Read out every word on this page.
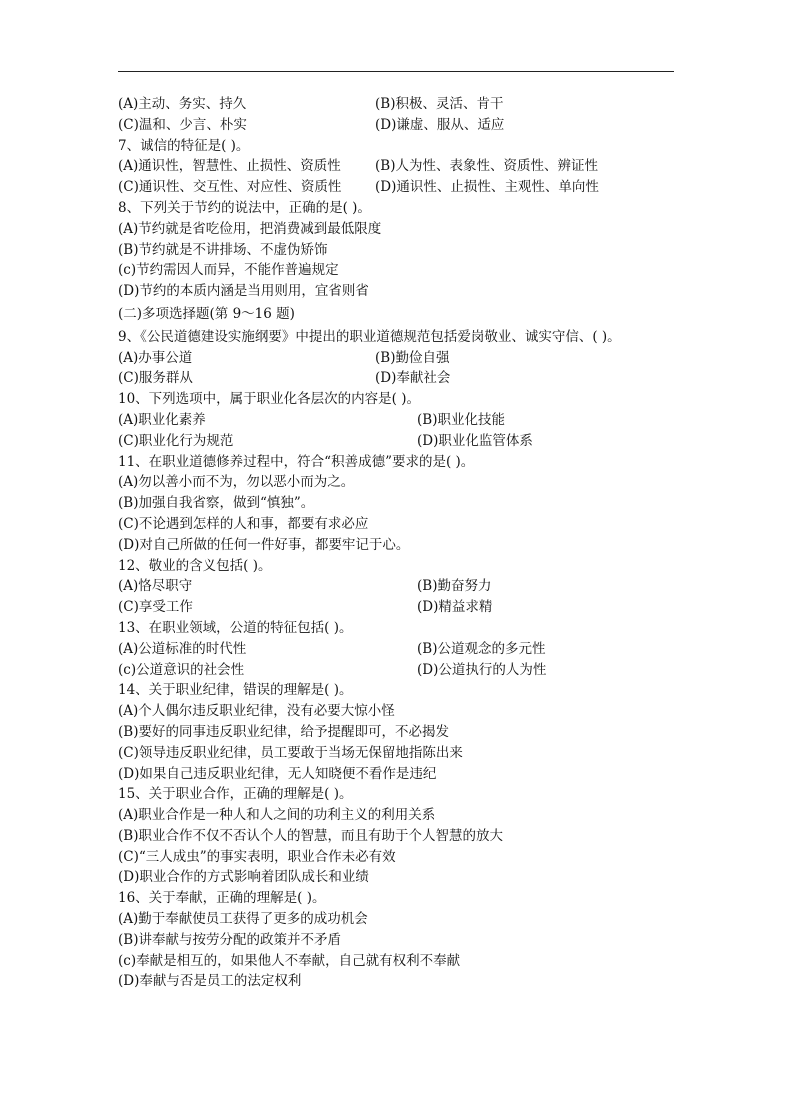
(A)主动、务实、持久	(B)积极、灵活、肯干
(C)温和、少言、朴实	(D)谦虚、服从、适应
7、诚信的特征是( )。
(A)通识性，智慧性、止损性、资质性	(B)人为性、表象性、资质性、辨证性
(C)通识性、交互性、对应性、资质性 (D)通识性、止损性、主观性、单向性
8、下列关于节约的说法中，正确的是( )。
(A)节约就是省吃俭用，把消费减到最低限度
(B)节约就是不讲排场、不虚伪矫饰
(c)节约需因人而异，不能作普遍规定
(D)节约的本质内涵是当用则用，宜省则省
(二)多项选择题(第 9～16 题)
9、《公民道德建设实施纲要》中提出的职业道德规范包括爱岗敬业、诚实守信、( )。
(A)办事公道	(B)勤俭自强
(C)服务群从	(D)奉献社会
10、下列选项中，属于职业化各层次的内容是( )。
(A)职业化素养	(B)职业化技能
(C)职业化行为规范	(D)职业化监管体系
11、在职业道德修养过程中，符合“积善成德”要求的是( )。
(A)勿以善小而不为，勿以恶小而为之。
(B)加强自我省察，做到“慎独”。
(C)不论遇到怎样的人和事，都要有求必应
(D)对自己所做的任何一件好事，都要牢记于心。
12、敬业的含义包括( )。
(A)恪尽职守	(B)勤奋努力
(C)享受工作	(D)精益求精
13、在职业领域，公道的特征包括( )。
(A)公道标准的时代性	(B)公道观念的多元性
(c)公道意识的社会性	(D)公道执行的人为性
14、关于职业纪律，错误的理解是( )。
(A)个人偶尔违反职业纪律，没有必要大惊小怪
(B)要好的同事违反职业纪律，给予提醒即可，不必揭发
(C)领导违反职业纪律，员工要敢于当场无保留地指陈出来
(D)如果自己违反职业纪律，无人知晓便不看作是违纪
15、关于职业合作，正确的理解是( )。
(A)职业合作是一种人和人之间的功利主义的利用关系
(B)职业合作不仅不否认个人的智慧，而且有助于个人智慧的放大
(C)“三人成虫”的事实表明，职业合作未必有效
(D)职业合作的方式影响着团队成长和业绩
16、关于奉献，正确的理解是( )。
(A)勤于奉献使员工获得了更多的成功机会
(B)讲奉献与按劳分配的政策并不矛盾
(c)奉献是相互的，如果他人不奉献，自己就有权利不奉献
(D)奉献与否是员工的法定权利
